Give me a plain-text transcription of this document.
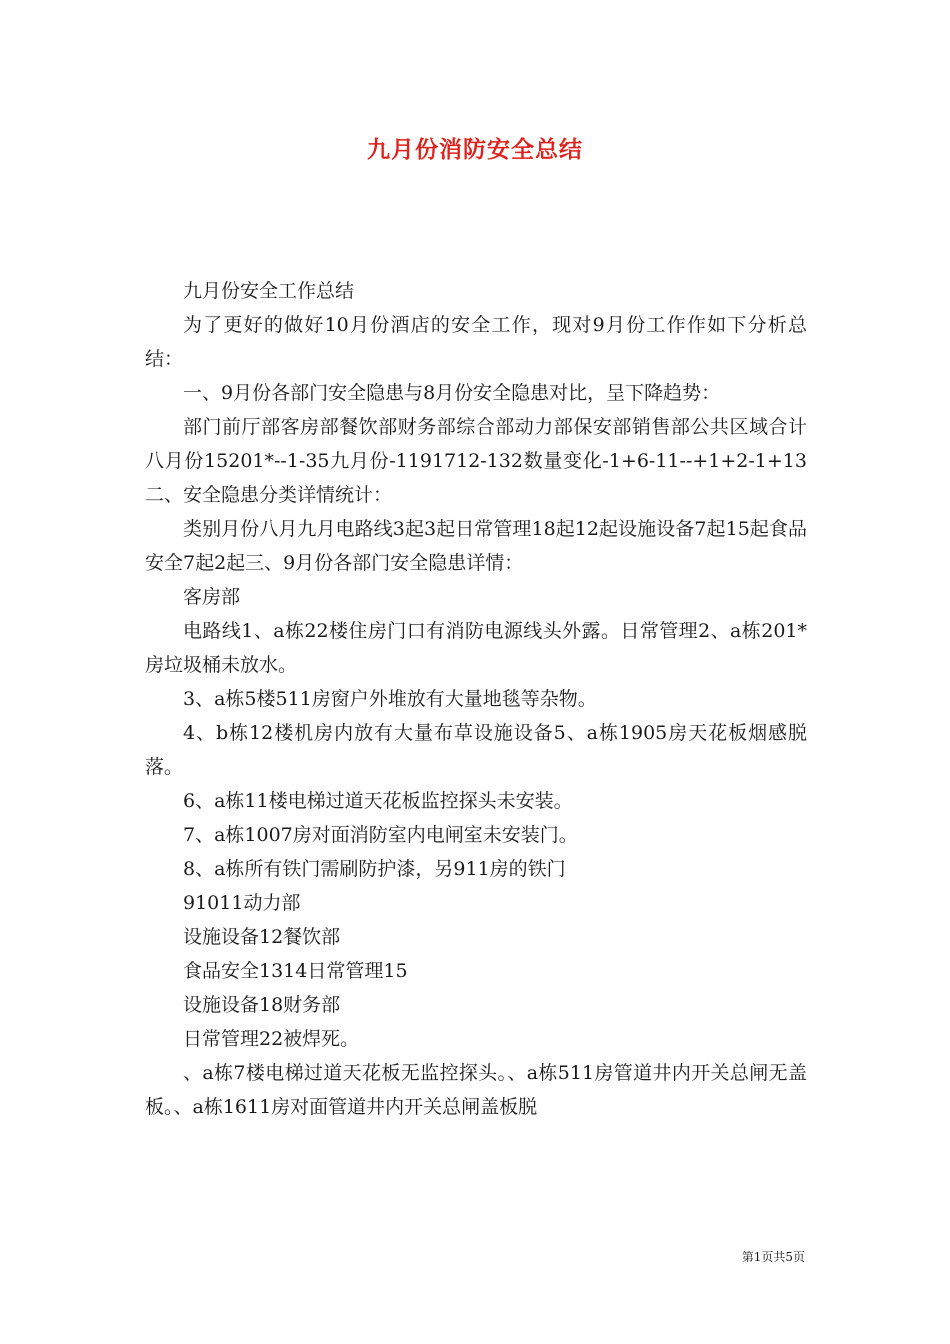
九月份消防安全总结

九月份安全工作总结

为了更好的做好10月份酒店的安全工作，现对9月份工作作如下分析总结：

一、9月份各部门安全隐患与8月份安全隐患对比，呈下降趋势：

部门前厅部客房部餐饮部财务部综合部动力部保安部销售部公共区域合计八月份15201*--1-35九月份-1191712-132数量变化-1+6-11--+1+2-1+13二、安全隐患分类详情统计：

类别月份八月九月电路线3起3起日常管理18起12起设施设备7起15起食品安全7起2起三、9月份各部门安全隐患详情：

客房部

电路线1、a栋22楼住房门口有消防电源线头外露。日常管理2、a栋201*房垃圾桶未放水。

3、a栋5楼511房窗户外堆放有大量地毯等杂物。

4、b栋12楼机房内放有大量布草设施设备5、a栋1905房天花板烟感脱落。

6、a栋11楼电梯过道天花板监控探头未安装。

7、a栋1007房对面消防室内电闸室未安装门。

8、a栋所有铁门需刷防护漆，另911房的铁门

91011动力部

设施设备12餐饮部

食品安全1314日常管理15

设施设备18财务部

日常管理22被焊死。

、a栋7楼电梯过道天花板无监控探头。、a栋511房管道井内开关总闸无盖板。、a栋1611房对面管道井内开关总闸盖板脱

第1页共5页
